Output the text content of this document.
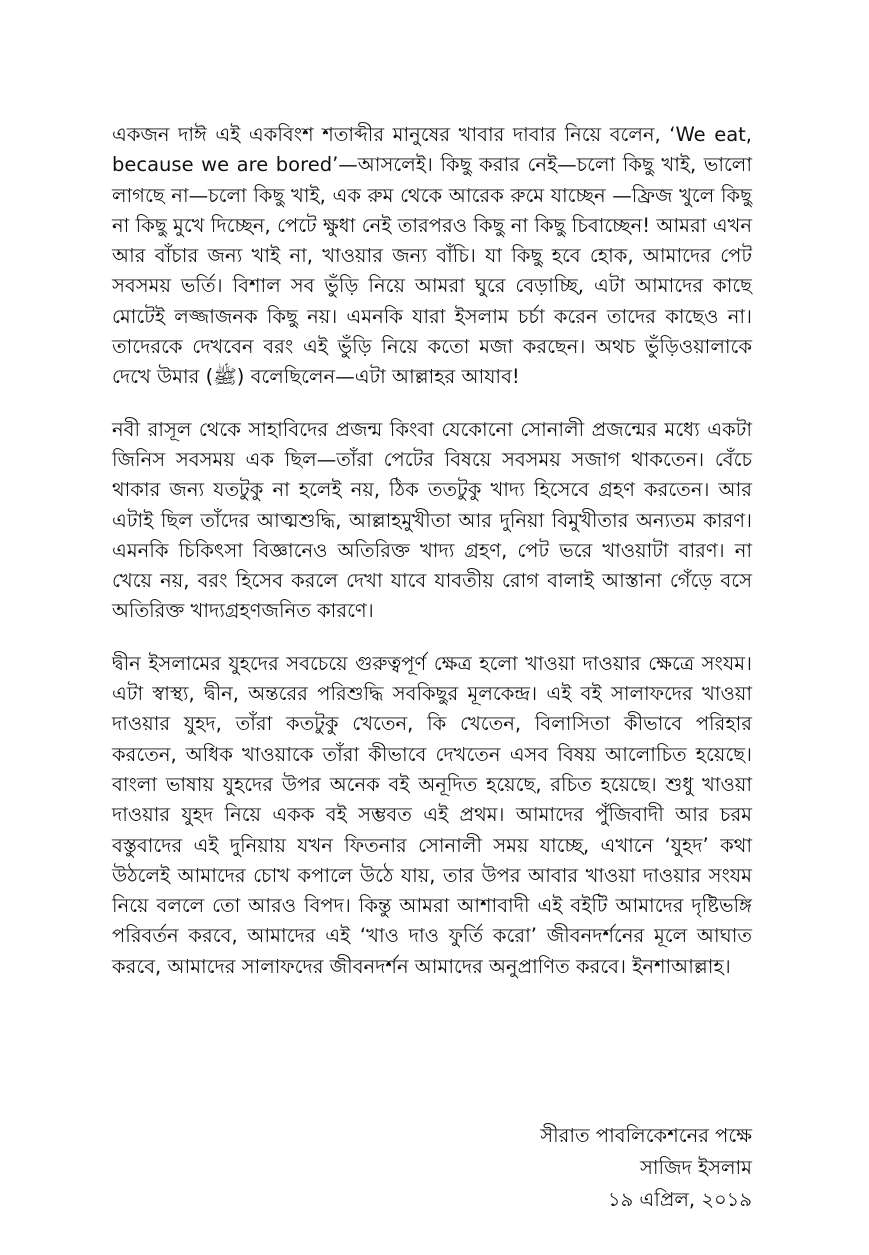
একজন দাঈ এই একবিংশ শতাব্দীর মানুষের খাবার দাবার নিয়ে বলেন, ‘We eat, because we are bored’—আসলেই। কিছু করার নেই—চলো কিছু খাই, ভালো লাগছে না—চলো কিছু খাই, এক রুম থেকে আরেক রুমে যাচ্ছেন —ফ্রিজ খুলে কিছু না কিছু মুখে দিচ্ছেন, পেটে ক্ষুধা নেই তারপরও কিছু না কিছু চিবাচ্ছেন! আমরা এখন আর বাঁচার জন্য খাই না, খাওয়ার জন্য বাঁচি। যা কিছু হবে হোক, আমাদের পেট সবসময় ভর্তি। বিশাল সব ভুঁড়ি নিয়ে আমরা ঘুরে বেড়াচ্ছি, এটা আমাদের কাছে মোটেই লজ্জাজনক কিছু নয়। এমনকি যারা ইসলাম চর্চা করেন তাদের কাছেও না। তাদেরকে দেখবেন বরং এই ভুঁড়ি নিয়ে কতো মজা করছেন। অথচ ভুঁড়িওয়ালাকে দেখে উমার (ﷺ) বলেছিলেন—এটা আল্লাহর আযাব!

নবী রাসূল থেকে সাহাবিদের প্রজন্ম কিংবা যেকোনো সোনালী প্রজন্মের মধ্যে একটা জিনিস সবসময় এক ছিল—তাঁরা পেটের বিষয়ে সবসময় সজাগ থাকতেন। বেঁচে থাকার জন্য যতটুকু না হলেই নয়, ঠিক ততটুকু খাদ্য হিসেবে গ্রহণ করতেন। আর এটাই ছিল তাঁদের আত্মশুদ্ধি, আল্লাহমুখীতা আর দুনিয়া বিমুখীতার অন্যতম কারণ। এমনকি চিকিৎসা বিজ্ঞানেও অতিরিক্ত খাদ্য গ্রহণ, পেট ভরে খাওয়াটা বারণ। না খেয়ে নয়, বরং হিসেব করলে দেখা যাবে যাবতীয় রোগ বালাই আস্তানা গেঁড়ে বসে অতিরিক্ত খাদ্যগ্রহণজনিত কারণে।

দ্বীন ইসলামের যুহদের সবচেয়ে গুরুত্বপূর্ণ ক্ষেত্র হলো খাওয়া দাওয়ার ক্ষেত্রে সংযম। এটা স্বাস্থ্য, দ্বীন, অন্তরের পরিশুদ্ধি সবকিছুর মূলকেন্দ্র। এই বই সালাফদের খাওয়া দাওয়ার যুহদ, তাঁরা কতটুকু খেতেন, কি খেতেন, বিলাসিতা কীভাবে পরিহার করতেন, অধিক খাওয়াকে তাঁরা কীভাবে দেখতেন এসব বিষয় আলোচিত হয়েছে। বাংলা ভাষায় যুহদের উপর অনেক বই অনূদিত হয়েছে, রচিত হয়েছে। শুধু খাওয়া দাওয়ার যুহদ নিয়ে একক বই সম্ভবত এই প্রথম। আমাদের পুঁজিবাদী আর চরম বস্তুবাদের এই দুনিয়ায় যখন ফিতনার সোনালী সময় যাচ্ছে, এখানে ‘যুহদ’ কথা উঠলেই আমাদের চোখ কপালে উঠে যায়, তার উপর আবার খাওয়া দাওয়ার সংযম নিয়ে বললে তো আরও বিপদ। কিন্তু আমরা আশাবাদী এই বইটি আমাদের দৃষ্টিভঙ্গি পরিবর্তন করবে, আমাদের এই ‘খাও দাও ফুর্তি করো’ জীবনদর্শনের মূলে আঘাত করবে, আমাদের সালাফদের জীবনদর্শন আমাদের অনুপ্রাণিত করবে। ইনশাআল্লাহ।

সীরাত পাবলিকেশনের পক্ষে
সাজিদ ইসলাম
১৯ এপ্রিল, ২০১৯
